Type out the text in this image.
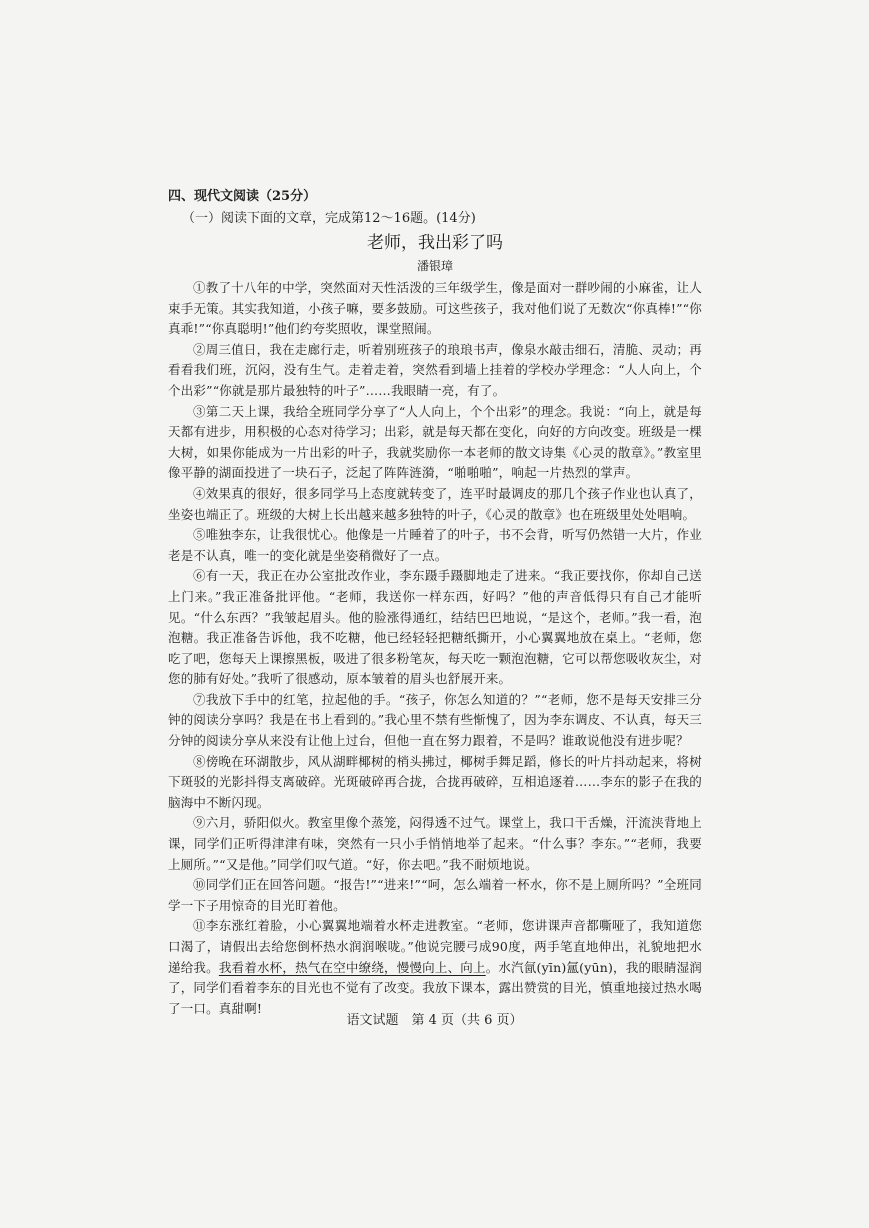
四、现代文阅读（25分）

（一）阅读下面的文章，完成第12～16题。(14分)

老师，我出彩了吗

潘银璋

①教了十八年的中学，突然面对天性活泼的三年级学生，像是面对一群吵闹的小麻雀，让人束手无策。其实我知道，小孩子嘛，要多鼓励。可这些孩子，我对他们说了无数次“你真棒!”“你真乖!”“你真聪明!”他们约夸奖照收，课堂照闹。

②周三值日，我在走廊行走，听着别班孩子的琅琅书声，像泉水敲击细石，清脆、灵动；再看看我们班，沉闷，没有生气。走着走着，突然看到墙上挂着的学校办学理念：“人人向上，个个出彩”“你就是那片最独特的叶子”……我眼睛一亮，有了。

③第二天上课，我给全班同学分享了“人人向上，个个出彩”的理念。我说：“向上，就是每天都有进步，用积极的心态对待学习；出彩，就是每天都在变化，向好的方向改变。班级是一棵大树，如果你能成为一片出彩的叶子，我就奖励你一本老师的散文诗集《心灵的散章》。”教室里像平静的湖面投进了一块石子，泛起了阵阵涟漪，“啪啪啪”，响起一片热烈的掌声。

④效果真的很好，很多同学马上态度就转变了，连平时最调皮的那几个孩子作业也认真了，坐姿也端正了。班级的大树上长出越来越多独特的叶子，《心灵的散章》也在班级里处处唱响。

⑤唯独李东，让我很忧心。他像是一片睡着了的叶子，书不会背，听写仍然错一大片，作业老是不认真，唯一的变化就是坐姿稍微好了一点。

⑥有一天，我正在办公室批改作业，李东蹑手蹑脚地走了进来。“我正要找你，你却自己送上门来。”我正准备批评他。“老师，我送你一样东西，好吗？”他的声音低得只有自己才能听见。“什么东西？”我皱起眉头。他的脸涨得通红，结结巴巴地说，“是这个，老师。”我一看，泡泡糖。我正准备告诉他，我不吃糖，他已经轻轻把糖纸撕开，小心翼翼地放在桌上。“老师，您吃了吧，您每天上课擦黑板，吸进了很多粉笔灰，每天吃一颗泡泡糖，它可以帮您吸收灰尘，对您的肺有好处。”我听了很感动，原本皱着的眉头也舒展开来。

⑦我放下手中的红笔，拉起他的手。“孩子，你怎么知道的？”“老师，您不是每天安排三分钟的阅读分享吗？我是在书上看到的。”我心里不禁有些惭愧了，因为李东调皮、不认真，每天三分钟的阅读分享从来没有让他上过台，但他一直在努力跟着，不是吗？谁敢说他没有进步呢？

⑧傍晚在环湖散步，风从湖畔椰树的梢头拂过，椰树手舞足蹈，修长的叶片抖动起来，将树下斑驳的光影抖得支离破碎。光斑破碎再合拢，合拢再破碎，互相追逐着……李东的影子在我的脑海中不断闪现。

⑨六月，骄阳似火。教室里像个蒸笼，闷得透不过气。课堂上，我口干舌燥，汗流浃背地上课，同学们正听得津津有味，突然有一只小手悄悄地举了起来。“什么事？李东。”“老师，我要上厕所。”“又是他。”同学们叹气道。“好，你去吧。”我不耐烦地说。

⑩同学们正在回答问题。“报告!”“进来!”“呵，怎么端着一杯水，你不是上厕所吗？”全班同学一下子用惊奇的目光盯着他。

⑪李东涨红着脸，小心翼翼地端着水杯走进教室。“老师，您讲课声音都嘶哑了，我知道您口渴了，请假出去给您倒杯热水润润喉咙。”他说完腰弓成90度，两手笔直地伸出，礼貌地把水递给我。我看着水杯，热气在空中缭绕，慢慢向上、向上。水汽氤(yīn)氲(yūn)，我的眼睛湿润了，同学们看着李东的目光也不觉有了改变。我放下课本，露出赞赏的目光，慎重地接过热水喝了一口。真甜啊!

语文试题　第 4 页（共 6 页）
